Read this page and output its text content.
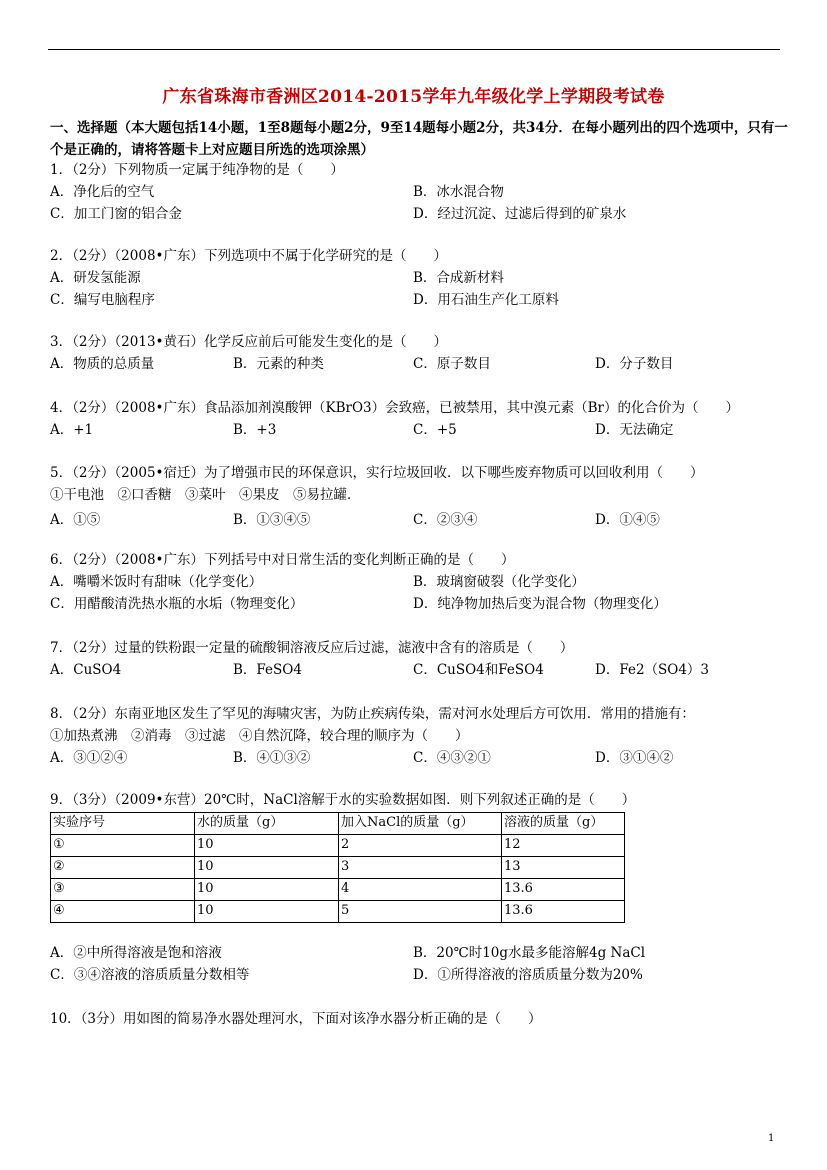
广东省珠海市香洲区2014-2015学年九年级化学上学期段考试卷
一、选择题（本大题包括14小题，1至8题每小题2分，9至14题每小题2分，共34分．在每小题列出的四个选项中，只有一个是正确的，请将答题卡上对应题目所选的选项涂黑）
1．（2分）下列物质一定属于纯净物的是（　　）
A．净化后的空气	B．冰水混合物
C．加工门窗的铝合金	D．经过沉淀、过滤后得到的矿泉水
2．（2分）（2008•广东）下列选项中不属于化学研究的是（　　）
A．研发氢能源	B．合成新材料
C．编写电脑程序	D．用石油生产化工原料
3．（2分）（2013•黄石）化学反应前后可能发生变化的是（　　）
A．物质的总质量	B．元素的种类	C．原子数目	D．分子数目
4．（2分）（2008•广东）食品添加剂溴酸钾（KBrO3）会致癌，已被禁用，其中溴元素（Br）的化合价为（　　）
A．+1	B．+3	C．+5	D．无法确定
5．（2分）（2005•宿迁）为了增强市民的环保意识，实行垃圾回收．以下哪些废弃物质可以回收利用（　　）
①干电池　②口香糖　③菜叶　④果皮　⑤易拉罐．
A．①⑤	B．①③④⑤	C．②③④	D．①④⑤
6．（2分）（2008•广东）下列括号中对日常生活的变化判断正确的是（　　）
A．嘴嚼米饭时有甜味（化学变化）	B．玻璃窗破裂（化学变化）
C．用醋酸清洗热水瓶的水垢（物理变化）	D．纯净物加热后变为混合物（物理变化）
7．（2分）过量的铁粉跟一定量的硫酸铜溶液反应后过滤，滤液中含有的溶质是（　　）
A．CuSO4	B．FeSO4	C．CuSO4和FeSO4	D．Fe2（SO4）3
8．（2分）东南亚地区发生了罕见的海啸灾害，为防止疾病传染，需对河水处理后方可饮用．常用的措施有：
①加热煮沸　②消毒　③过滤　④自然沉降，较合理的顺序为（　　）
A．③①②④	B．④①③②	C．④③②①	D．③①④②
9．（3分）（2009•东营）20℃时，NaCl溶解于水的实验数据如图．则下列叙述正确的是（　　）
实验序号	水的质量（g）	加入NaCl的质量（g）	溶液的质量（g）
①	10	2	12
②	10	3	13
③	10	4	13.6
④	10	5	13.6
A．②中所得溶液是饱和溶液	B．20℃时10g水最多能溶解4g NaCl
C．③④溶液的溶质质量分数相等	D．①所得溶液的溶质质量分数为20%
10．（3分）用如图的简易净水器处理河水，下面对该净水器分析正确的是（　　）
1
